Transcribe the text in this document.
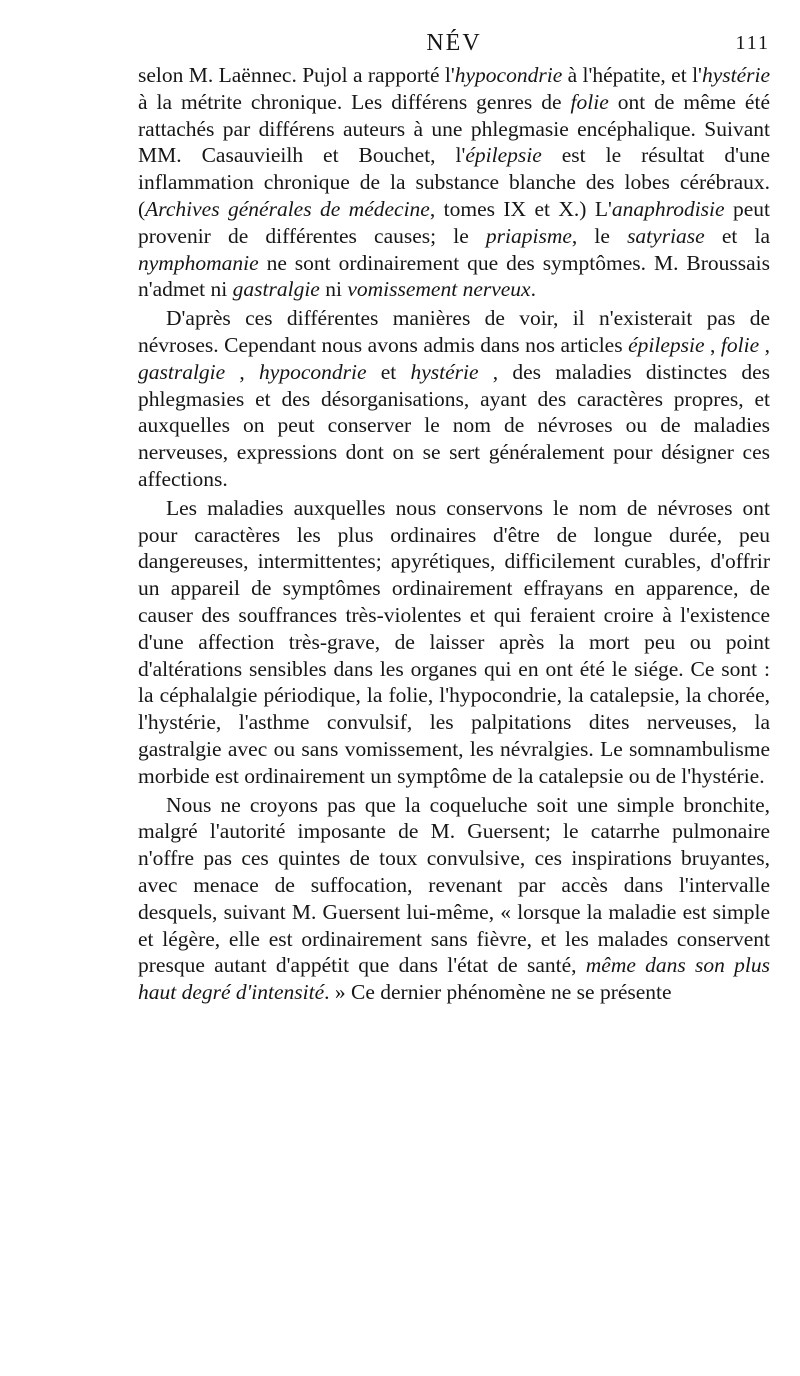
NÉV	111

selon M. Laënnec. Pujol a rapporté l'hypocondrie à l'hépatite, et l'hystérie à la métrite chronique. Les différens genres de folie ont de même été rattachés par différens auteurs à une phlegmasie encéphalique. Suivant MM. Casauvieilh et Bouchet, l'épilepsie est le résultat d'une inflammation chronique de la substance blanche des lobes cérébraux. (Archives générales de médecine, tomes IX et X.) L'anaphrodisie peut provenir de différentes causes; le priapisme, le satyriase et la nymphomanie ne sont ordinairement que des symptômes. M. Broussais n'admet ni gastralgie ni vomissement nerveux.

D'après ces différentes manières de voir, il n'existerait pas de névroses. Cependant nous avons admis dans nos articles épilepsie , folie , gastralgie , hypocondrie et hystérie , des maladies distinctes des phlegmasies et des désorganisations, ayant des caractères propres, et auxquelles on peut conserver le nom de névroses ou de maladies nerveuses, expressions dont on se sert généralement pour désigner ces affections.

Les maladies auxquelles nous conservons le nom de névroses ont pour caractères les plus ordinaires d'être de longue durée, peu dangereuses, intermittentes; apyrétiques, difficilement curables, d'offrir un appareil de symptômes ordinairement effrayans en apparence, de causer des souffrances très-violentes et qui feraient croire à l'existence d'une affection très-grave, de laisser après la mort peu ou point d'altérations sensibles dans les organes qui en ont été le siége. Ce sont : la céphalalgie périodique, la folie, l'hypocondrie, la catalepsie, la chorée, l'hystérie, l'asthme convulsif, les palpitations dites nerveuses, la gastralgie avec ou sans vomissement, les névralgies. Le somnambulisme morbide est ordinairement un symptôme de la catalepsie ou de l'hystérie.

Nous ne croyons pas que la coqueluche soit une simple bronchite, malgré l'autorité imposante de M. Guersent; le catarrhe pulmonaire n'offre pas ces quintes de toux convulsive, ces inspirations bruyantes, avec menace de suffocation, revenant par accès dans l'intervalle desquels, suivant M. Guersent lui-même, « lorsque la maladie est simple et légère, elle est ordinairement sans fièvre, et les malades conservent presque autant d'appétit que dans l'état de santé, même dans son plus haut degré d'intensité. » Ce dernier phénomène ne se présente
